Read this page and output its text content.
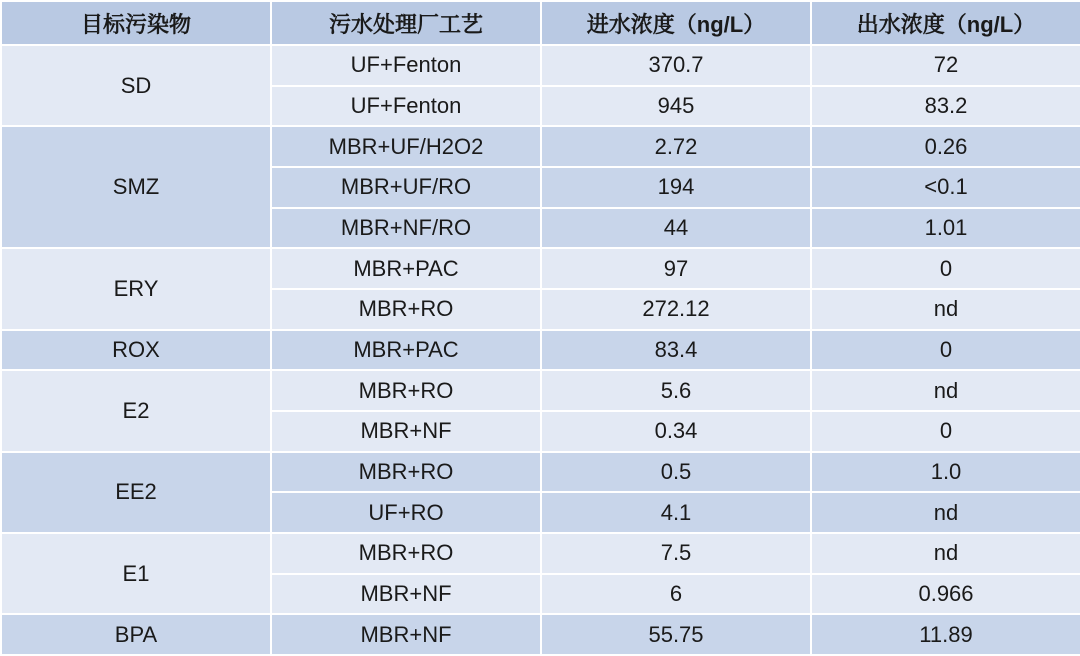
目标污染物	污水处理厂工艺	进水浓度（ng/L）	出水浓度（ng/L）
SD	UF+Fenton	370.7	72
	UF+Fenton	945	83.2
SMZ	MBR+UF/H2O2	2.72	0.26
	MBR+UF/RO	194	<0.1
	MBR+NF/RO	44	1.01
ERY	MBR+PAC	97	0
	MBR+RO	272.12	nd
ROX	MBR+PAC	83.4	0
E2	MBR+RO	5.6	nd
	MBR+NF	0.34	0
EE2	MBR+RO	0.5	1.0
	UF+RO	4.1	nd
E1	MBR+RO	7.5	nd
	MBR+NF	6	0.966
BPA	MBR+NF	55.75	11.89
